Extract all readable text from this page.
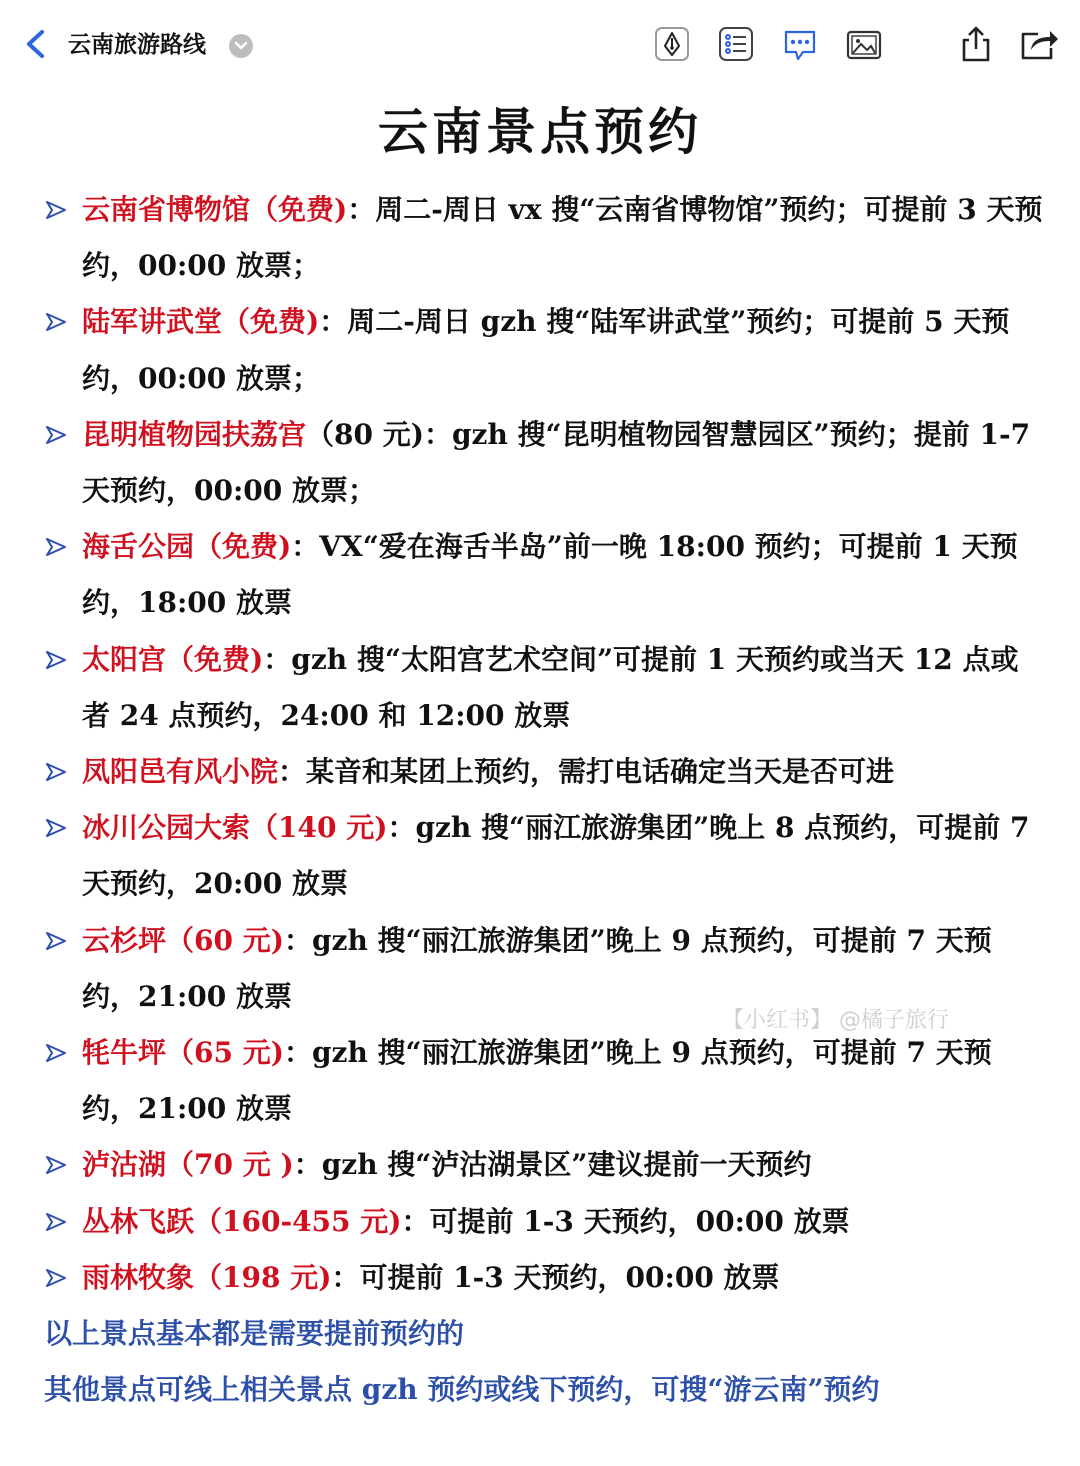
云南旅游路线
云南景点预约
云南省博物馆（免费)：周二-周日 vx 搜“云南省博物馆”预约；可提前 3 天预约，00:00 放票；
陆军讲武堂（免费)：周二-周日 gzh 搜“陆军讲武堂”预约；可提前 5 天预约，00:00 放票；
昆明植物园扶荔宫（80 元)：gzh 搜“昆明植物园智慧园区”预约；提前 1-7 天预约，00:00 放票；
海舌公园（免费)：VX“爱在海舌半岛”前一晚 18:00 预约；可提前 1 天预约，18:00 放票
太阳宫（免费)：gzh 搜“太阳宫艺术空间”可提前 1 天预约或当天 12 点或者 24 点预约，24:00 和 12:00 放票
凤阳邑有风小院：某音和某团上预约，需打电话确定当天是否可进
冰川公园大索（140 元)：gzh 搜“丽江旅游集团”晚上 8 点预约，可提前 7 天预约，20:00 放票
云杉坪（60 元)：gzh 搜“丽江旅游集团”晚上 9 点预约，可提前 7 天预约，21:00 放票
牦牛坪（65 元)：gzh 搜“丽江旅游集团”晚上 9 点预约，可提前 7 天预约，21:00 放票
泸沽湖（70 元 )：gzh 搜“泸沽湖景区”建议提前一天预约
丛林飞跃（160-455 元)：可提前 1-3 天预约，00:00 放票
雨林牧象（198 元)：可提前 1-3 天预约，00:00 放票
以上景点基本都是需要提前预约的
其他景点可线上相关景点 gzh 预约或线下预约，可搜“游云南”预约
【小红书】 @橘子旅行
